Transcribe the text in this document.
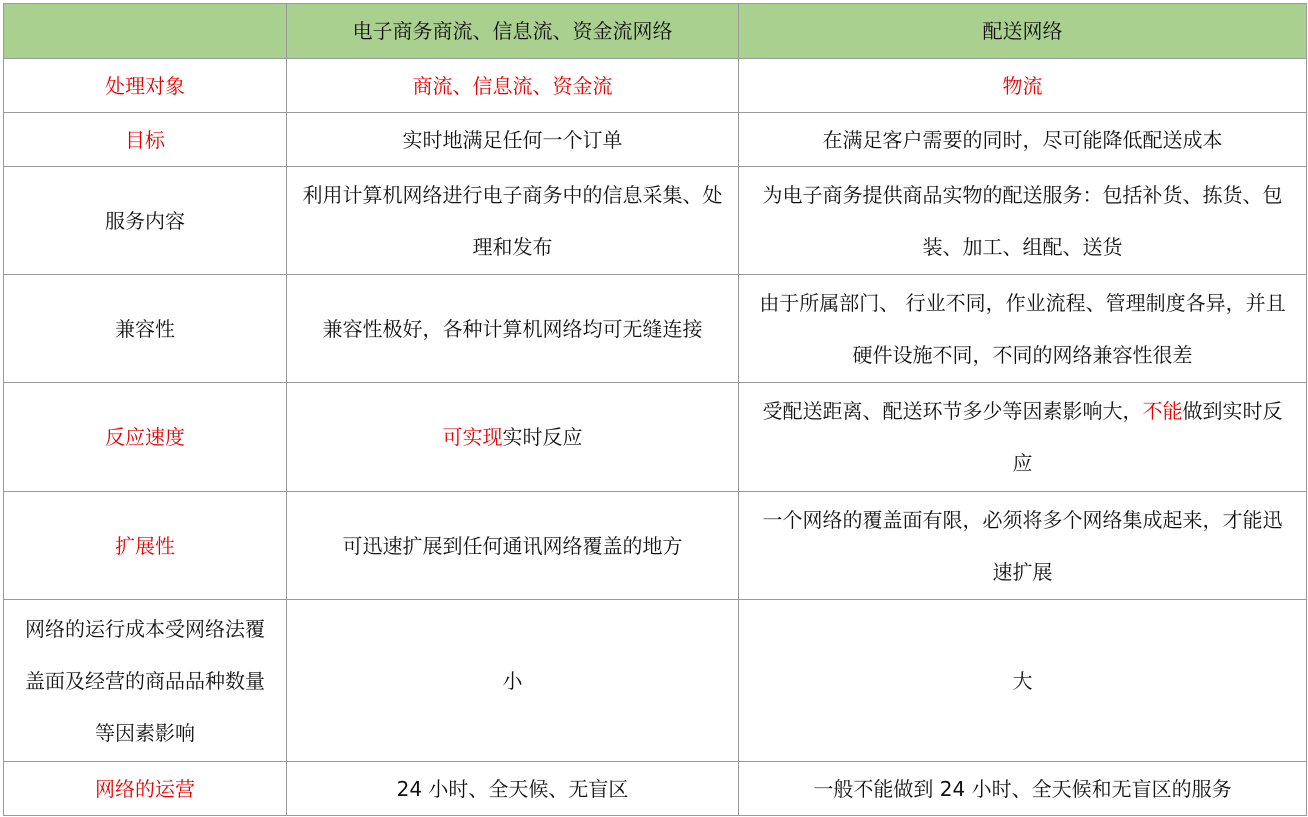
	电子商务商流、信息流、资金流网络	配送网络
处理对象	商流、信息流、资金流	物流
目标	实时地满足任何一个订单	在满足客户需要的同时，尽可能降低配送成本
服务内容	利用计算机网络进行电子商务中的信息采集、处理和发布	为电子商务提供商品实物的配送服务：包括补货、拣货、包装、加工、组配、送货
兼容性	兼容性极好，各种计算机网络均可无缝连接	由于所属部门、 行业不同，作业流程、管理制度各异，并且硬件设施不同，不同的网络兼容性很差
反应速度	可实现实时反应	受配送距离、配送环节多少等因素影响大，不能做到实时反应
扩展性	可迅速扩展到任何通讯网络覆盖的地方	一个网络的覆盖面有限，必须将多个网络集成起来，才能迅速扩展
网络的运行成本受网络法覆盖面及经营的商品品种数量等因素影响	小	大
网络的运营	24 小时、全天候、无盲区	一般不能做到 24 小时、全天候和无盲区的服务
